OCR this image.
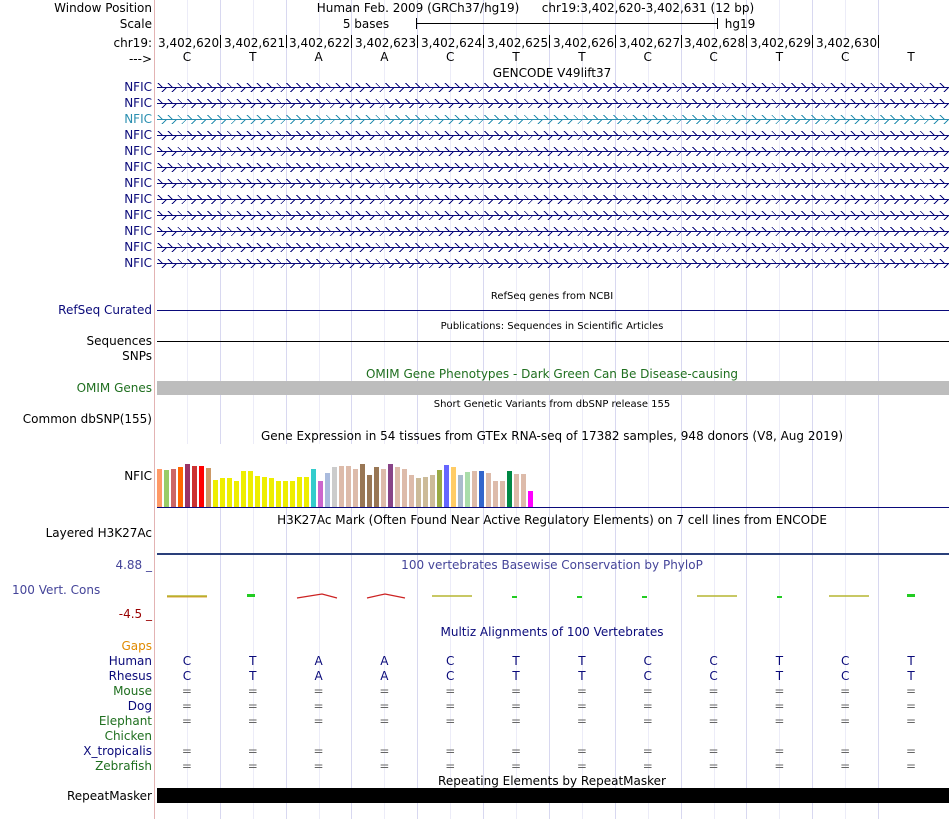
Window Position
Scale
chr19:
--->
Human Feb. 2009 (GRCh37/hg19) chr19:3,402,620-3,402,631 (12 bp)
5 bases	hg19
3,402,620 3,402,621 3,402,622 3,402,623 3,402,624 3,402,625 3,402,626 3,402,627 3,402,628 3,402,629 3,402,630
C	T	A	A	C	T	T	C	C	T	C	T
GENCODE V49lift37
NFIC
NFIC
NFIC
NFIC
NFIC
NFIC
NFIC
NFIC
NFIC
NFIC
NFIC
NFIC
RefSeq genes from NCBI
RefSeq Curated
Publications: Sequences in Scientific Articles
Sequences
SNPs
OMIM Gene Phenotypes - Dark Green Can Be Disease-causing
OMIM Genes
Short Genetic Variants from dbSNP release 155
Common dbSNP(155)
Gene Expression in 54 tissues from GTEx RNA-seq of 17382 samples, 948 donors (V8, Aug 2019)
NFIC
H3K27Ac Mark (Often Found Near Active Regulatory Elements) on 7 cell lines from ENCODE
Layered H3K27Ac
100 vertebrates Basewise Conservation by PhyloP
4.88 _
100 Vert. Cons
-4.5 _
Multiz Alignments of 100 Vertebrates
Gaps
Human	C	T	A	A	C	T	T	C	C	T	C	T
Rhesus	C	T	A	A	C	T	T	C	C	T	C	T
Mouse =	=	=	=	=	=	=	=	=	=	=	=
Dog =	=	=	=	=	=	=	=	=	=	=	=
Elephant =	=	=	=	=	=	=	=	=	=	=	=
Chicken
X_tropicalis =	=	=	=	=	=	=	=	=	=	=	=
Zebrafish =	=	=	=	=	=	=	=	=	=	=	=
Repeating Elements by RepeatMasker
RepeatMasker
